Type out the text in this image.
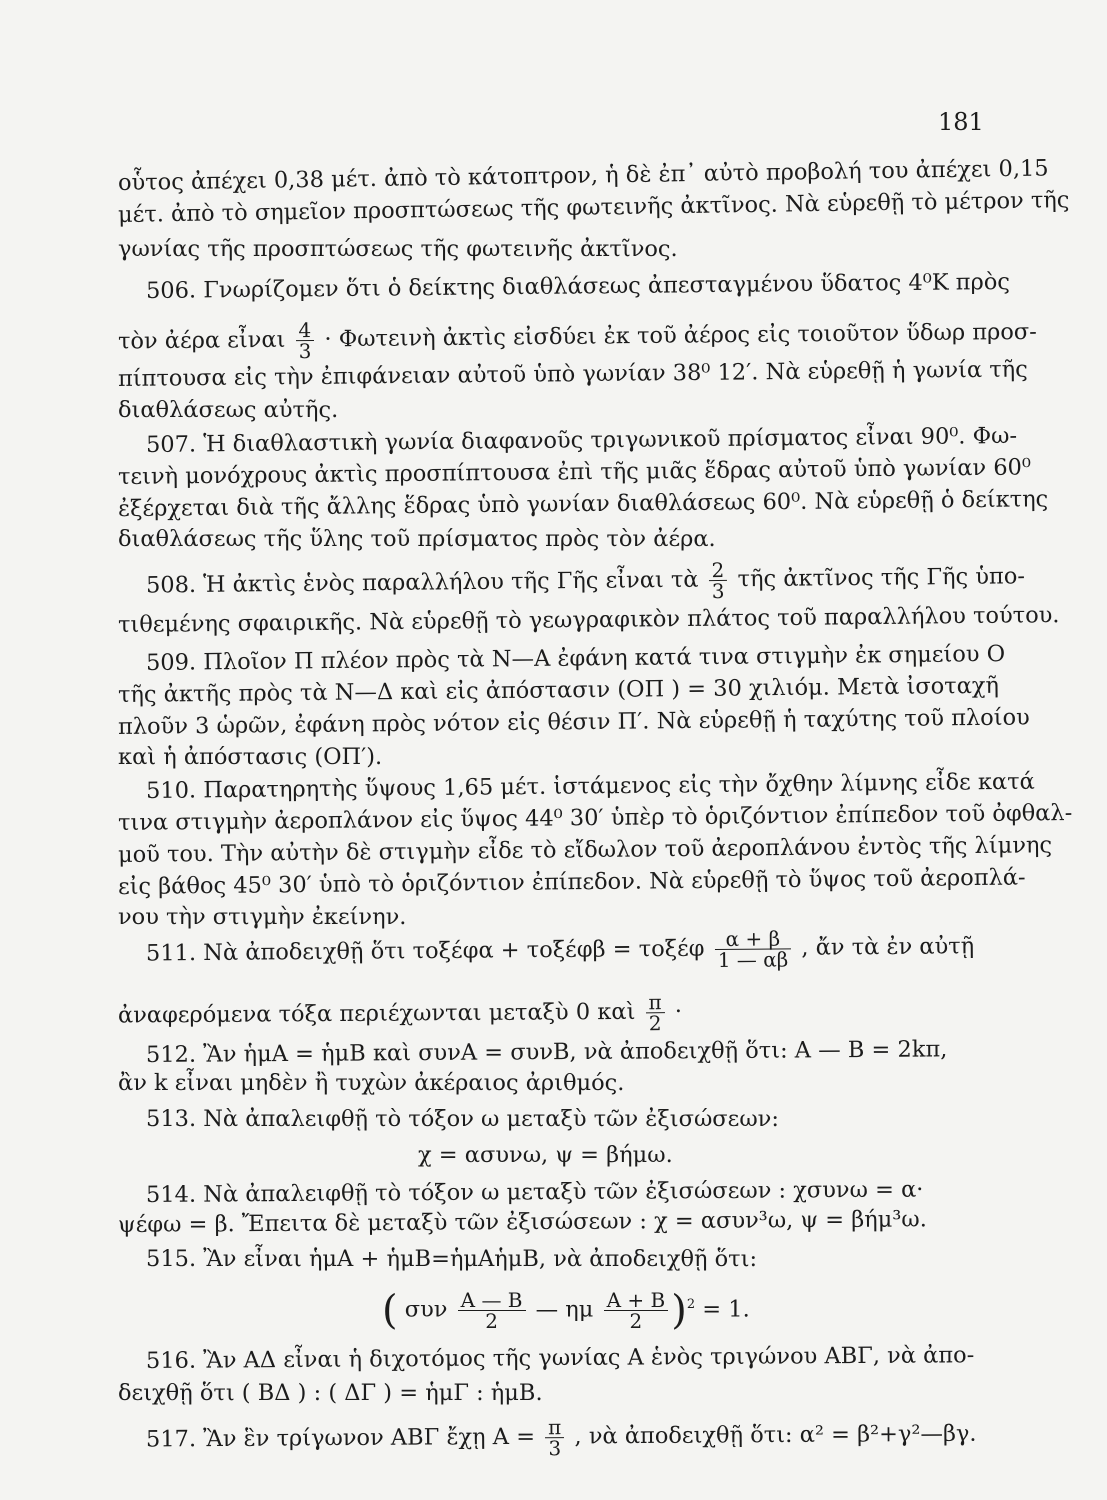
181
οὗτος ἀπέχει 0,38 μέτ. ἀπὸ τὸ κάτοπτρον, ἡ δὲ ἐπ᾽ αὐτὸ προβολή του ἀπέχει 0,15
μέτ. ἀπὸ τὸ σημεῖον προσπτώσεως τῆς φωτεινῆς ἀκτῖνος. Νὰ εὑρεθῇ τὸ μέτρον τῆς
γωνίας τῆς προσπτώσεως τῆς φωτεινῆς ἀκτῖνος.
506. Γνωρίζομεν ὅτι ὁ δείκτης διαθλάσεως ἀπεσταγμένου ὕδατος 4⁰Κ πρὸς
τὸν ἀέρα εἶναι $\frac{4}{3}$ · Φωτεινὴ ἀκτὶς εἰσδύει ἐκ τοῦ ἀέρος εἰς τοιοῦτον ὕδωρ προσ-
πίπτουσα εἰς τὴν ἐπιφάνειαν αὐτοῦ ὑπὸ γωνίαν 38⁰ 12′. Νὰ εὑρεθῇ ἡ γωνία τῆς
διαθλάσεως αὐτῆς.
507. Ἡ διαθλαστικὴ γωνία διαφανοῦς τριγωνικοῦ πρίσματος εἶναι 90⁰. Φω-
τεινὴ μονόχρους ἀκτὶς προσπίπτουσα ἐπὶ τῆς μιᾶς ἕδρας αὐτοῦ ὑπὸ γωνίαν 60⁰
ἐξέρχεται διὰ τῆς ἄλλης ἕδρας ὑπὸ γωνίαν διαθλάσεως 60⁰. Νὰ εὑρεθῇ ὁ δείκτης
διαθλάσεως τῆς ὕλης τοῦ πρίσματος πρὸς τὸν ἀέρα.
508. Ἡ ἀκτὶς ἑνὸς παραλλήλου τῆς Γῆς εἶναι τὰ $\frac{2}{3}$ τῆς ἀκτῖνος τῆς Γῆς ὑπο-
τιθεμένης σφαιρικῆς. Νὰ εὑρεθῇ τὸ γεωγραφικὸν πλάτος τοῦ παραλλήλου τούτου.
509. Πλοῖον Π πλέον πρὸς τὰ Ν—Α ἐφάνη κατά τινα στιγμὴν ἐκ σημείου Ο
τῆς ἀκτῆς πρὸς τὰ Ν—Δ καὶ εἰς ἀπόστασιν (ΟΠ ) = 30 χιλιόμ. Μετὰ ἰσοταχῆ
πλοῦν 3 ὡρῶν, ἐφάνη πρὸς νότον εἰς θέσιν Π′. Νὰ εὑρεθῇ ἡ ταχύτης τοῦ πλοίου
καὶ ἡ ἀπόστασις (ΟΠ′).
510. Παρατηρητὴς ὕψους 1,65 μέτ. ἱστάμενος εἰς τὴν ὄχθην λίμνης εἶδε κατά
τινα στιγμὴν ἀεροπλάνον εἰς ὕψος 44⁰ 30′ ὑπὲρ τὸ ὁριζόντιον ἐπίπεδον τοῦ ὀφθαλ-
μοῦ του. Τὴν αὐτὴν δὲ στιγμὴν εἶδε τὸ εἴδωλον τοῦ ἀεροπλάνου ἐντὸς τῆς λίμνης
εἰς βάθος 45⁰ 30′ ὑπὸ τὸ ὁριζόντιον ἐπίπεδον. Νὰ εὑρεθῇ τὸ ὕψος τοῦ ἀεροπλά-
νου τὴν στιγμὴν ἐκείνην.
511. Νὰ ἀποδειχθῇ ὅτι τοξέφα + τοξέφβ = τοξέφ $\frac{\alpha + \beta}{1 — \alpha\beta}$ , ἄν τὰ ἐν αὐτῇ
ἀναφερόμενα τόξα περιέχωνται μεταξὺ 0 καὶ $\frac{\pi}{2}$ ·
512. Ἂν ἡμΑ = ἡμΒ καὶ συνΑ = συνΒ, νὰ ἀποδειχθῇ ὅτι: Α — Β = 2kπ,
ἂν k εἶναι μηδὲν ἢ τυχὼν ἀκέραιος ἀριθμός.
513. Νὰ ἀπαλειφθῇ τὸ τόξον ω μεταξὺ τῶν ἐξισώσεων:
χ = ασυνω, ψ = βήμω.
514. Νὰ ἀπαλειφθῇ τὸ τόξον ω μεταξὺ τῶν ἐξισώσεων : χσυνω = α·
ψέφω = β. Ἔπειτα δὲ μεταξὺ τῶν ἐξισώσεων : χ = ασυν³ω, ψ = βήμ³ω.
515. Ἂν εἶναι ἡμΑ + ἡμΒ=ἡμΑἡμΒ, νὰ ἀποδειχθῇ ὅτι:
( συν $\frac{A — B}{2}$ — ημ $\frac{A + B}{2} )^2 = 1$.
516. Ἂν ΑΔ εἶναι ἡ διχοτόμος τῆς γωνίας Α ἑνὸς τριγώνου ΑΒΓ, νὰ ἀπο-
δειχθῇ ὅτι ( ΒΔ ) : ( ΔΓ ) = ἡμΓ : ἡμΒ.
517. Ἂν ἓν τρίγωνον ΑΒΓ ἔχῃ $A = \frac{\pi}{3}$ , νὰ ἀποδειχθῇ ὅτι: α² = β²+γ²—βγ.
